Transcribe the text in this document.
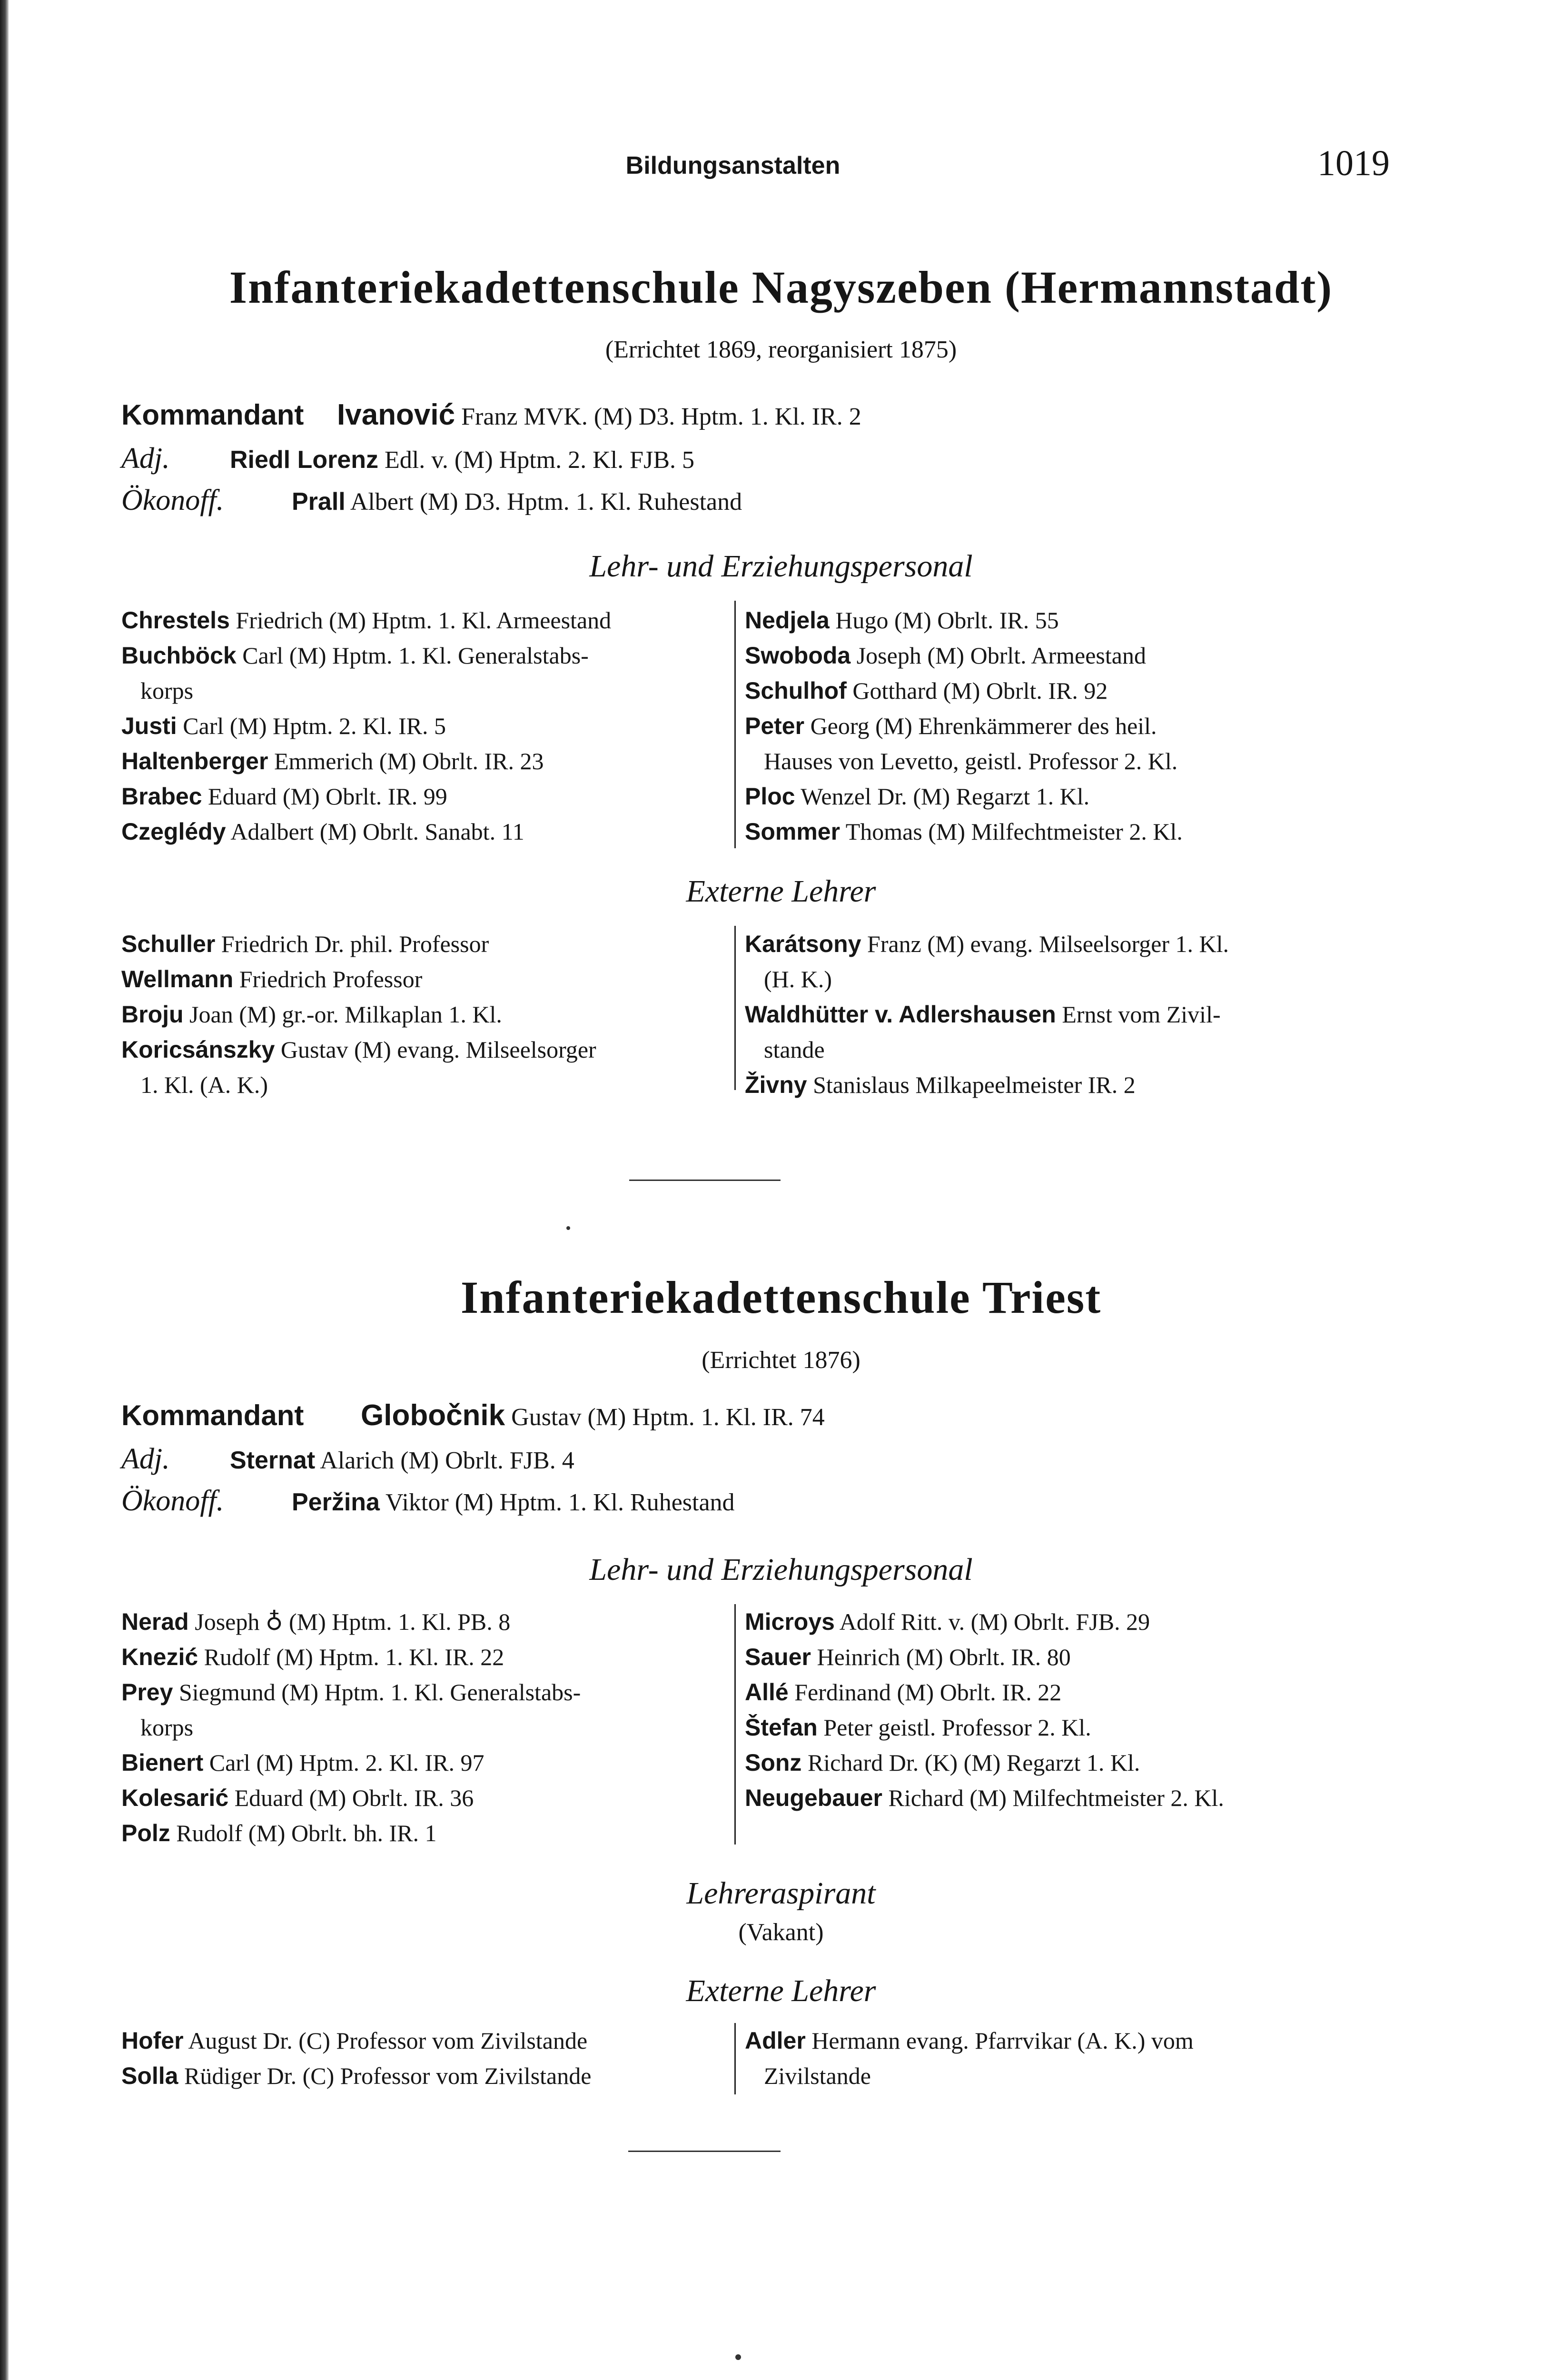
Bildungsanstalten	1019
Infanteriekadettenschule Nagyszeben (Hermannstadt)
(Errichtet 1869, reorganisiert 1875)
Kommandant Ivanović Franz MVK. (M) D3. Hptm. 1. Kl. IR. 2
Adj. Riedl Lorenz Edl. v. (M) Hptm. 2. Kl. FJB. 5
Ökonoff.	Prall Albert (M) D3. Hptm. 1. Kl. Ruhestand
Lehr- und Erziehungspersonal
Chrestels Friedrich (M) Hptm. 1. Kl. Armeestand
Buchböck Carl (M) Hptm. 1. Kl. Generalstabs-
korps
Justi Carl (M) Hptm. 2. Kl. IR. 5
Haltenberger Emmerich (M) Obrlt. IR. 23
Brabec Eduard (M) Obrlt. IR. 99
Czeglédy Adalbert (M) Obrlt. Sanabt. 11
Nedjela Hugo (M) Obrlt. IR. 55
Swoboda Joseph (M) Obrlt. Armeestand
Schulhof Gotthard (M) Obrlt. IR. 92
Peter Georg (M) Ehrenkämmerer des heil.
Hauses von Levetto, geistl. Professor 2. Kl.
Ploc Wenzel Dr. (M) Regarzt 1. Kl.
Sommer Thomas (M) Milfechtmeister 2. Kl.
Externe Lehrer
Schuller Friedrich Dr. phil. Professor
Wellmann Friedrich Professor
Broju Joan (M) gr.-or. Milkaplan 1. Kl.
Koricsánszky Gustav (M) evang. Milseelsorger
1. Kl. (A. K.)
Karátsony Franz (M) evang. Milseelsorger 1. Kl.
(H. K.)
Waldhütter v. Adlershausen Ernst vom Zivil-
stande
Živny Stanislaus Milkapeelmeister IR. 2
Infanteriekadettenschule Triest
(Errichtet 1876)
Kommandant Globočnik Gustav (M) Hptm. 1. Kl. IR. 74
Adj. Sternat Alarich (M) Obrlt. FJB. 4
Ökonoff.	Peržina Viktor (M) Hptm. 1. Kl. Ruhestand
Lehr- und Erziehungspersonal
Nerad Joseph ♁ (M) Hptm. 1. Kl. PB. 8
Knezić Rudolf (M) Hptm. 1. Kl. IR. 22
Prey Siegmund (M) Hptm. 1. Kl. Generalstabs-
korps
Bienert Carl (M) Hptm. 2. Kl. IR. 97
Kolesarić Eduard (M) Obrlt. IR. 36
Polz Rudolf (M) Obrlt. bh. IR. 1
Microys Adolf Ritt. v. (M) Obrlt. FJB. 29
Sauer Heinrich (M) Obrlt. IR. 80
Allé Ferdinand (M) Obrlt. IR. 22
Štefan Peter geistl. Professor 2. Kl.
Sonz Richard Dr. (K) (M) Regarzt 1. Kl.
Neugebauer Richard (M) Milfechtmeister 2. Kl.
Lehreraspirant
(Vakant)
Externe Lehrer
Hofer August Dr. (C) Professor vom Zivilstande
Solla Rüdiger Dr. (C) Professor vom Zivilstande
Adler Hermann evang. Pfarrvikar (A. K.) vom
Zivilstande
